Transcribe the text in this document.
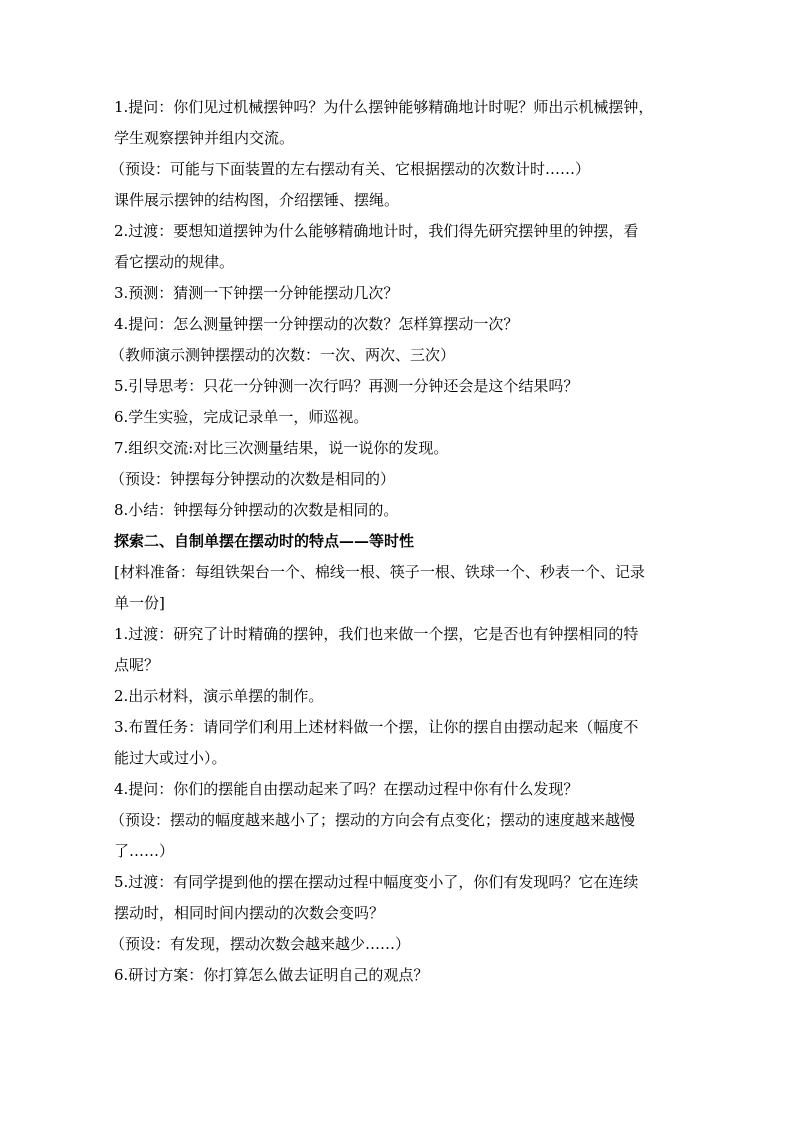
1.提问：你们见过机械摆钟吗？为什么摆钟能够精确地计时呢？师出示机械摆钟，
学生观察摆钟并组内交流。
（预设：可能与下面装置的左右摆动有关、它根据摆动的次数计时……）
课件展示摆钟的结构图，介绍摆锤、摆绳。
2.过渡：要想知道摆钟为什么能够精确地计时，我们得先研究摆钟里的钟摆，看
看它摆动的规律。
3.预测：猜测一下钟摆一分钟能摆动几次？
4.提问：怎么测量钟摆一分钟摆动的次数？怎样算摆动一次？
（教师演示测钟摆摆动的次数：一次、两次、三次）
5.引导思考：只花一分钟测一次行吗？再测一分钟还会是这个结果吗？
6.学生实验，完成记录单一，师巡视。
7.组织交流:对比三次测量结果，说一说你的发现。
（预设：钟摆每分钟摆动的次数是相同的）
8.小结：钟摆每分钟摆动的次数是相同的。
探索二、自制单摆在摆动时的特点——等时性
[材料准备：每组铁架台一个、棉线一根、筷子一根、铁球一个、秒表一个、记录
单一份]
1.过渡：研究了计时精确的摆钟，我们也来做一个摆，它是否也有钟摆相同的特
点呢？
2.出示材料，演示单摆的制作。
3.布置任务：请同学们利用上述材料做一个摆，让你的摆自由摆动起来（幅度不
能过大或过小）。
4.提问：你们的摆能自由摆动起来了吗？在摆动过程中你有什么发现？
（预设：摆动的幅度越来越小了；摆动的方向会有点变化；摆动的速度越来越慢
了……）
5.过渡：有同学提到他的摆在摆动过程中幅度变小了，你们有发现吗？它在连续
摆动时，相同时间内摆动的次数会变吗？
（预设：有发现，摆动次数会越来越少……）
6.研讨方案：你打算怎么做去证明自己的观点？
